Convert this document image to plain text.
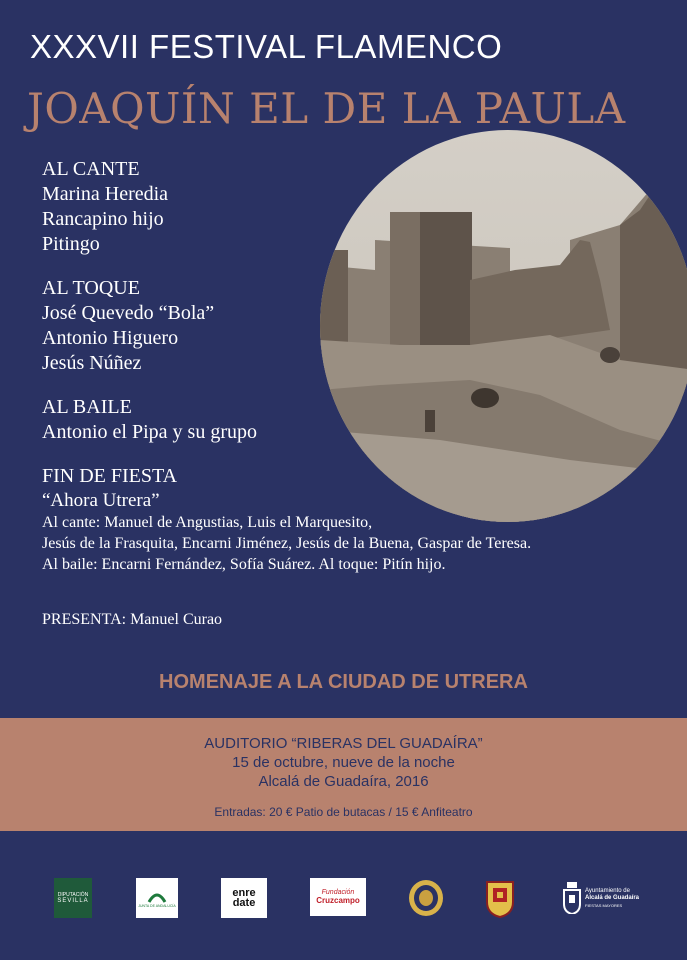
XXXVII FESTIVAL FLAMENCO
JOAQUÍN EL DE LA PAULA
AL CANTE
Marina Heredia
Rancapino hijo
Pitingo
AL TOQUE
José Quevedo “Bola”
Antonio Higuero
Jesús Núñez
AL BAILE
Antonio el Pipa y su grupo
FIN DE FIESTA
“Ahora Utrera”
Al cante: Manuel de Angustias, Luis el Marquesito,
Jesús de la Frasquita, Encarni Jiménez, Jesús de la Buena, Gaspar de Teresa.
Al baile: Encarni Fernández, Sofía Suárez. Al toque: Pitín hijo.
PRESENTA: Manuel Curao
HOMENAJE A LA CIUDAD DE UTRERA
AUDITORIO “RIBERAS DEL GUADAÍRA”
15 de octubre, nueve de la noche
Alcalá de Guadaíra, 2016
Entradas: 20 € Patio de butacas / 15 € Anfiteatro
DIPUTACIÓN
SEVILLA
JUNTA DE ANDALUCÍA
enre date
Fundación
Cruzcampo
Ayuntamiento de
Alcalá de Guadaíra
FIESTAS MAYORES
